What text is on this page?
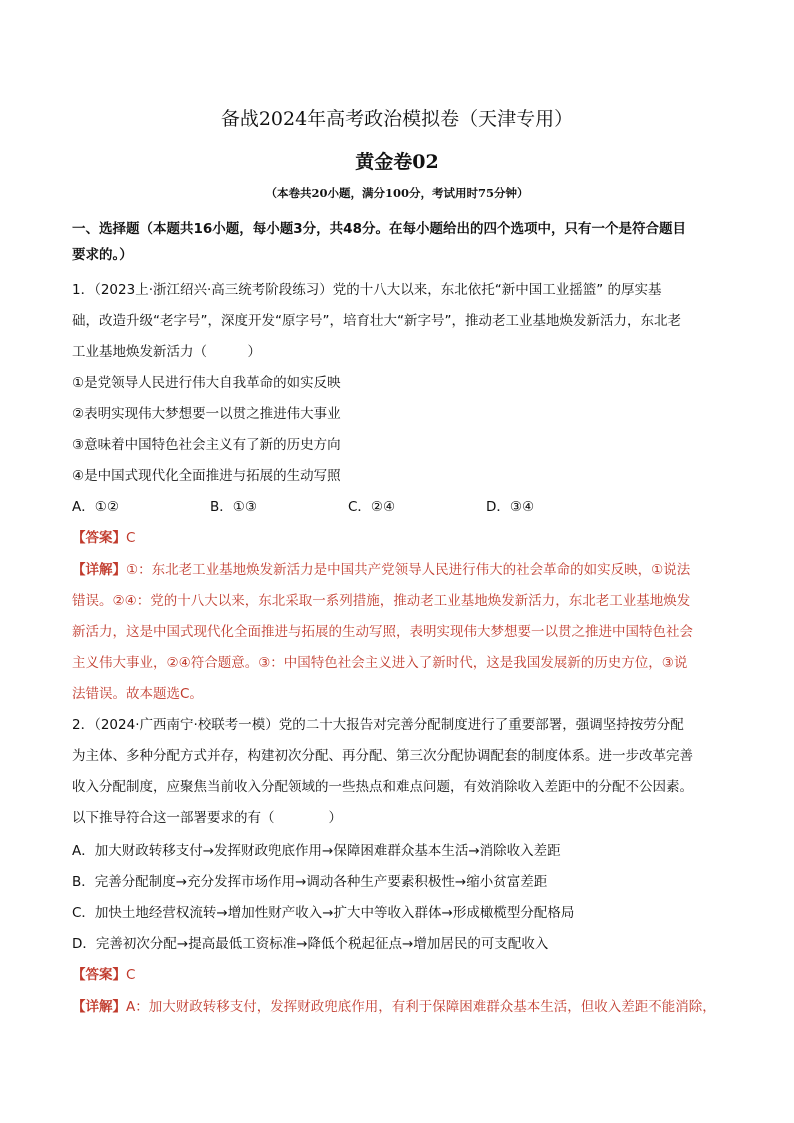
备战2024年高考政治模拟卷（天津专用）
黄金卷02
（本卷共20小题，满分100分，考试用时75分钟）
一、选择题（本题共16小题，每小题3分，共48分。在每小题给出的四个选项中，只有一个是符合题目
要求的。）
1．（2023上·浙江绍兴·高三统考阶段练习）党的十八大以来，东北依托“新中国工业摇篮” 的厚实基
础，改造升级“老字号”，深度开发“原字号”，培育壮大“新字号”，推动老工业基地焕发新活力，东北老
工业基地焕发新活力（　　　）
①是党领导人民进行伟大自我革命的如实反映
②表明实现伟大梦想要一以贯之推进伟大事业
③意味着中国特色社会主义有了新的历史方向
④是中国式现代化全面推进与拓展的生动写照
A．①②	B．①③	C．②④	D．③④
【答案】C
【详解】①：东北老工业基地焕发新活力是中国共产党领导人民进行伟大的社会革命的如实反映，①说法
错误。②④：党的十八大以来，东北采取一系列措施，推动老工业基地焕发新活力，东北老工业基地焕发
新活力，这是中国式现代化全面推进与拓展的生动写照，表明实现伟大梦想要一以贯之推进中国特色社会
主义伟大事业，②④符合题意。③：中国特色社会主义进入了新时代，这是我国发展新的历史方位，③说
法错误。故本题选C。
2．（2024·广西南宁·校联考一模）党的二十大报告对完善分配制度进行了重要部署，强调坚持按劳分配
为主体、多种分配方式并存，构建初次分配、再分配、第三次分配协调配套的制度体系。进一步改革完善
收入分配制度，应聚焦当前收入分配领域的一些热点和难点问题，有效消除收入差距中的分配不公因素。
以下推导符合这一部署要求的有（　　　　）
A．加大财政转移支付→发挥财政兜底作用→保障困难群众基本生活→消除收入差距
B．完善分配制度→充分发挥市场作用→调动各种生产要素积极性→缩小贫富差距
C．加快土地经营权流转→增加性财产收入→扩大中等收入群体→形成橄榄型分配格局
D．完善初次分配→提高最低工资标准→降低个税起征点→增加居民的可支配收入
【答案】C
【详解】A：加大财政转移支付，发挥财政兜底作用，有利于保障困难群众基本生活，但收入差距不能消除，
